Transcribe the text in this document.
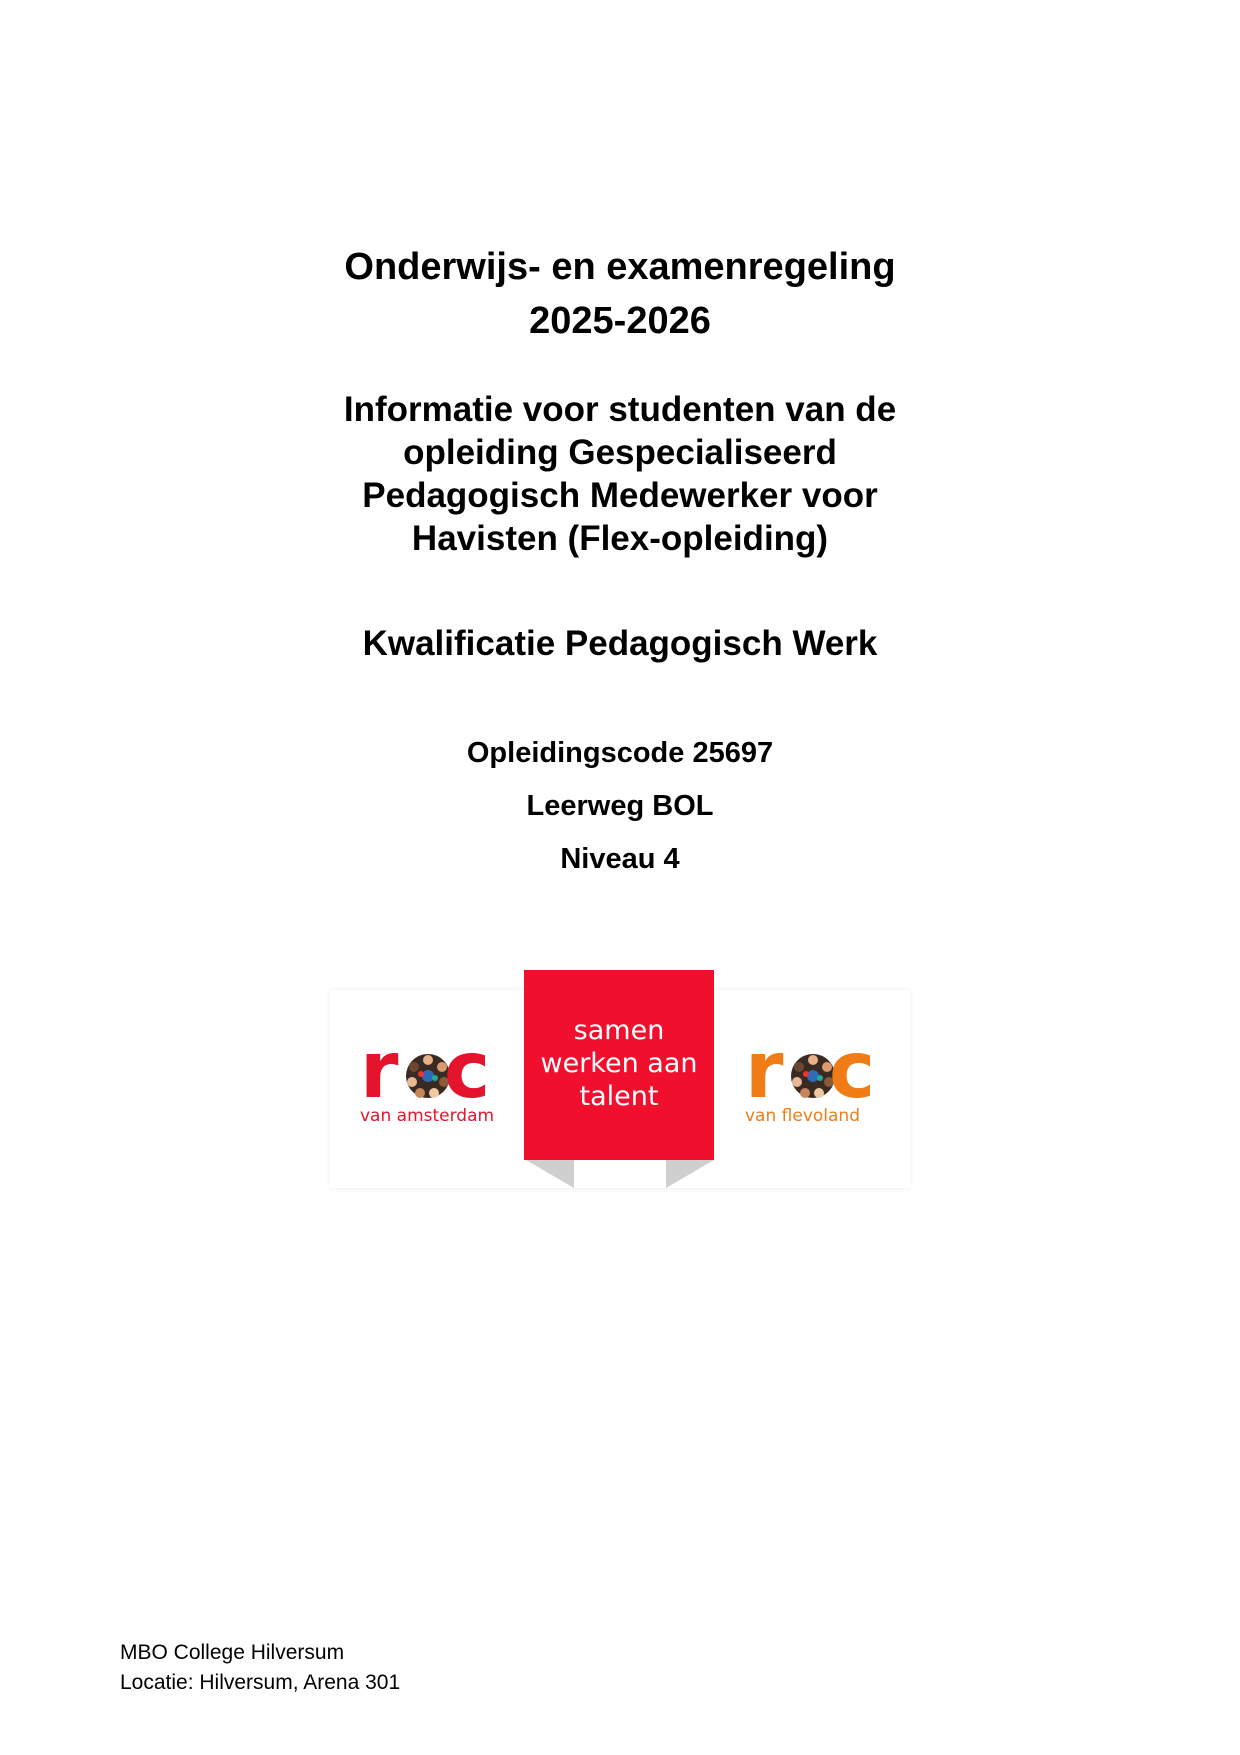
Onderwijs- en examenregeling
2025-2026
Informatie voor studenten van de
opleiding Gespecialiseerd
Pedagogisch Medewerker voor
Havisten (Flex-opleiding)
Kwalificatie Pedagogisch Werk
Opleidingscode 25697
Leerweg BOL
Niveau 4
r c
van amsterdam
samen
werken aan
talent	r c
van flevoland
MBO College Hilversum
Locatie: Hilversum, Arena 301
